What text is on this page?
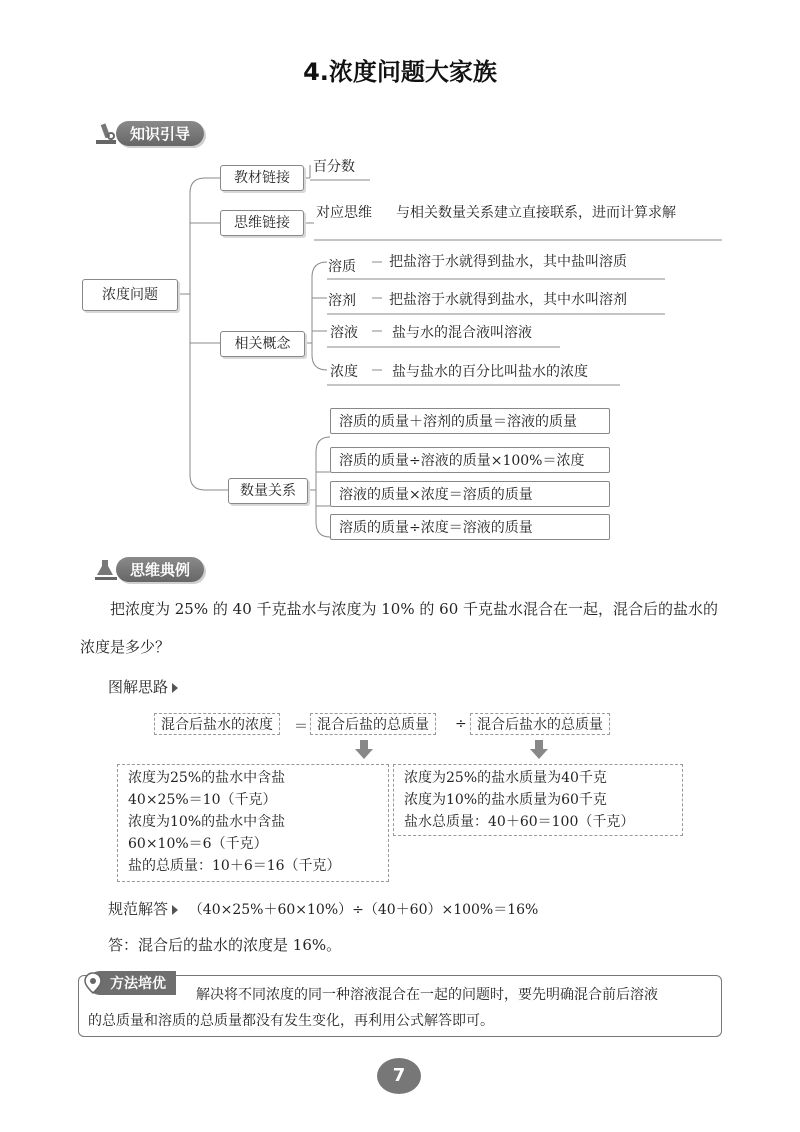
4.浓度问题大家族
知识引导
浓度问题
教材链接
思维链接
相关概念
数量关系
百分数
对应思维 与相关数量关系建立直接联系，进而计算求解
溶质 把盐溶于水就得到盐水，其中盐叫溶质
溶剂 把盐溶于水就得到盐水，其中水叫溶剂
溶液 盐与水的混合液叫溶液
浓度 盐与盐水的百分比叫盐水的浓度
溶质的质量＋溶剂的质量＝溶液的质量
溶质的质量÷溶液的质量×100%＝浓度
溶液的质量×浓度＝溶质的质量
溶质的质量÷浓度＝溶液的质量
思维典例
把浓度为 25% 的 40 千克盐水与浓度为 10% 的 60 千克盐水混合在一起，混合后的盐水的
浓度是多少？
图解思路
混合后盐水的浓度	＝ 混合后盐的总质量	÷ 混合后盐水的总质量
浓度为25%的盐水中含盐
40×25%＝10（千克）
浓度为10%的盐水中含盐
60×10%＝6（千克）
盐的总质量：10＋6＝16（千克）
浓度为25%的盐水质量为40千克
浓度为10%的盐水质量为60千克
盐水总质量：40＋60＝100（千克）
规范解答 （40×25%＋60×10%）÷（40＋60）×100%＝16%
答：混合后的盐水的浓度是 16%。
方法培优
解决将不同浓度的同一种溶液混合在一起的问题时，要先明确混合前后溶液
的总质量和溶质的总质量都没有发生变化，再利用公式解答即可。
7
